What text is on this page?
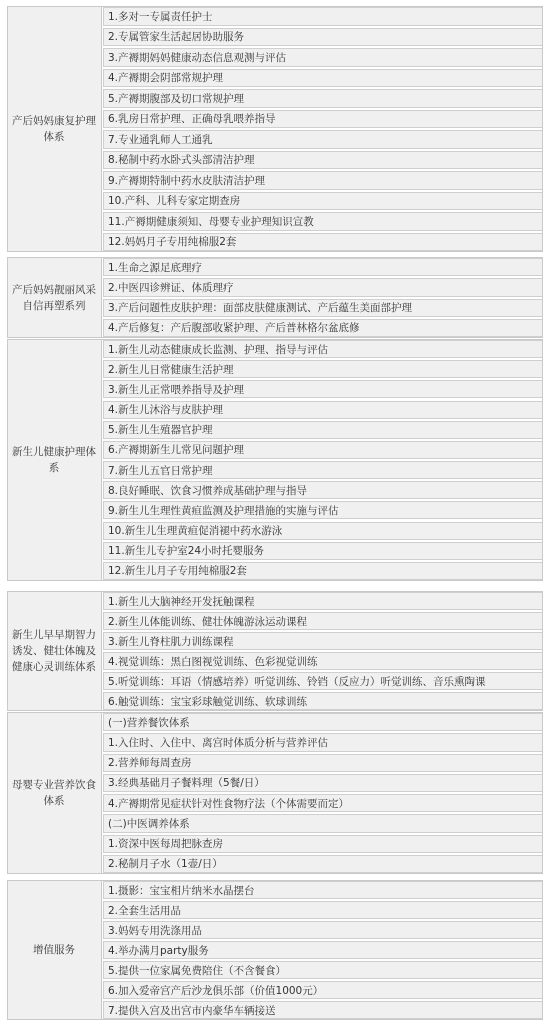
产后妈妈康复护理体系
1.多对一专属责任护士
2.专属管家生活起居协助服务
3.产褥期妈妈健康动态信息观测与评估
4.产褥期会阴部常规护理
5.产褥期腹部及切口常规护理
6.乳房日常护理、正确母乳喂养指导
7.专业通乳师人工通乳
8.秘制中药水卧式头部清洁护理
9.产褥期特制中药水皮肤清洁护理
10.产科、儿科专家定期查房
11.产褥期健康须知、母婴专业护理知识宣教
12.妈妈月子专用纯棉服2套
产后妈妈靓丽风采自信再塑系列
1.生命之源足底理疗
2.中医四诊辨证、体质理疗
3.产后问题性皮肤护理：面部皮肤健康测试、产后蕴生美面部护理
4.产后修复：产后腹部收紧护理、产后普林格尔盆底修
新生儿健康护理体系
1.新生儿动态健康成长监测、护理、指导与评估
2.新生儿日常健康生活护理
3.新生儿正常喂养指导及护理
4.新生儿沐浴与皮肤护理
5.新生儿生殖器官护理
6.产褥期新生儿常见问题护理
7.新生儿五官日常护理
8.良好睡眠、饮食习惯养成基础护理与指导
9.新生儿生理性黄疸监测及护理措施的实施与评估
10.新生儿生理黄疸促消褪中药水游泳
11.新生儿专护室24小时托婴服务
12.新生儿月子专用纯棉服2套
新生儿早早期智力诱发、健壮体魄及健康心灵训练体系
1.新生儿大脑神经开发抚触课程
2.新生儿体能训练、健壮体魄游泳运动课程
3.新生儿脊柱肌力训练课程
4.视觉训练：黑白图视觉训练、色彩视觉训练
5.听觉训练：耳语（情感培养）听觉训练、铃铛（反应力）听觉训练、音乐熏陶课
6.触觉训练：宝宝彩球触觉训练、软球训练
母婴专业营养饮食体系
(一)营养餐饮体系
1.入住时、入住中、离宫时体质分析与营养评估
2.营养师每周查房
3.经典基础月子餐料理（5餐/日）
4.产褥期常见症状针对性食物疗法（个体需要而定）
(二)中医调养体系
1.资深中医每周把脉查房
2.秘制月子水（1壶/日）
增值服务
1.摄影：宝宝相片纳米水晶摆台
2.全套生活用品
3.妈妈专用洗涤用品
4.举办满月party服务
5.提供一位家属免费陪住（不含餐食）
6.加入爱帝宫产后沙龙俱乐部（价值1000元）
7.提供入宫及出宫市内豪华车辆接送
